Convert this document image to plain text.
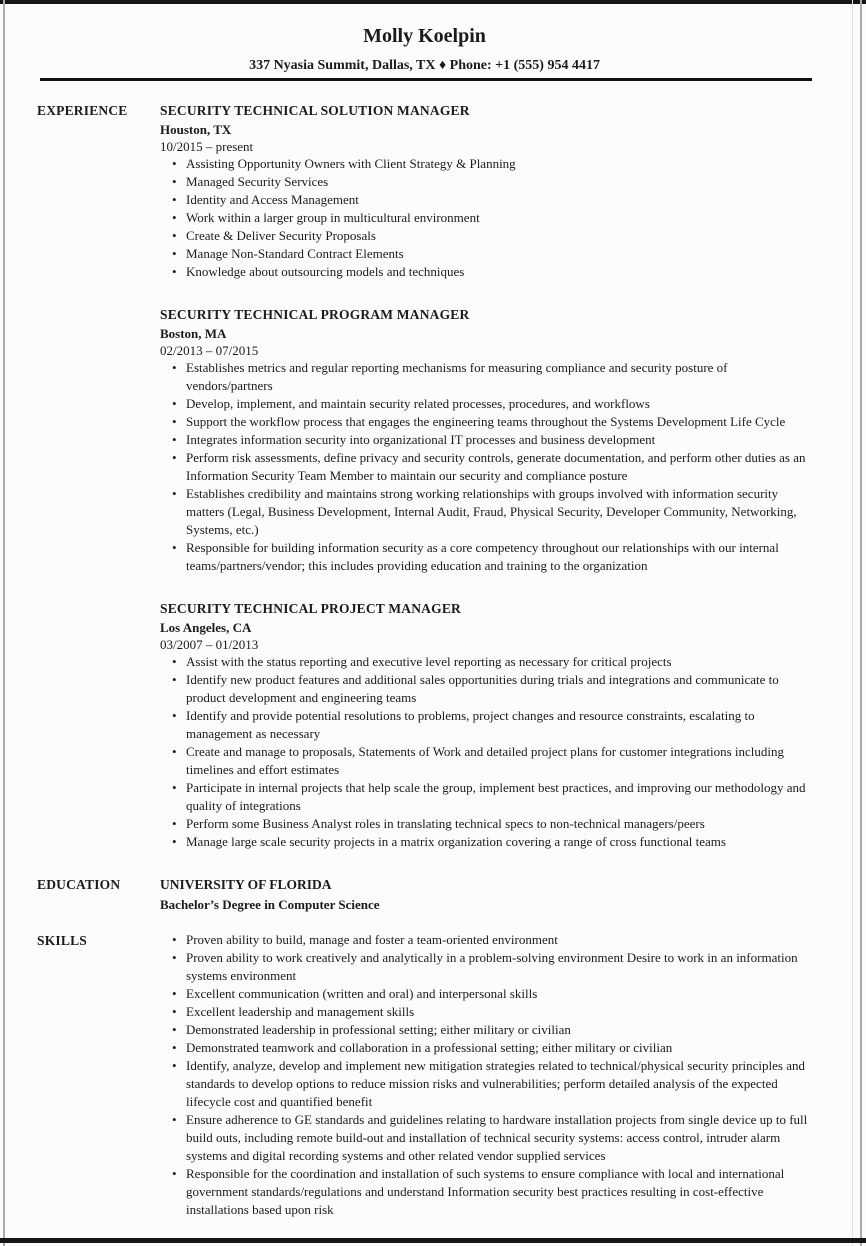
Molly Koelpin
337 Nyasia Summit, Dallas, TX ♦ Phone: +1 (555) 954 4417
EXPERIENCE	SECURITY TECHNICAL SOLUTION MANAGER
Houston, TX
10/2015 – present
• Assisting Opportunity Owners with Client Strategy & Planning
• Managed Security Services
• Identity and Access Management
• Work within a larger group in multicultural environment
• Create & Deliver Security Proposals
• Manage Non-Standard Contract Elements
• Knowledge about outsourcing models and techniques
SECURITY TECHNICAL PROGRAM MANAGER
Boston, MA
02/2013 – 07/2015
• Establishes metrics and regular reporting mechanisms for measuring compliance and security posture of vendors/partners
• Develop, implement, and maintain security related processes, procedures, and workflows
• Support the workflow process that engages the engineering teams throughout the Systems Development Life Cycle
• Integrates information security into organizational IT processes and business development
• Perform risk assessments, define privacy and security controls, generate documentation, and perform other duties as an Information Security Team Member to maintain our security and compliance posture
• Establishes credibility and maintains strong working relationships with groups involved with information security matters (Legal, Business Development, Internal Audit, Fraud, Physical Security, Developer Community, Networking, Systems, etc.)
• Responsible for building information security as a core competency throughout our relationships with our internal teams/partners/vendor; this includes providing education and training to the organization
SECURITY TECHNICAL PROJECT MANAGER
Los Angeles, CA
03/2007 – 01/2013
• Assist with the status reporting and executive level reporting as necessary for critical projects
• Identify new product features and additional sales opportunities during trials and integrations and communicate to product development and engineering teams
• Identify and provide potential resolutions to problems, project changes and resource constraints, escalating to management as necessary
• Create and manage to proposals, Statements of Work and detailed project plans for customer integrations including timelines and effort estimates
• Participate in internal projects that help scale the group, implement best practices, and improving our methodology and quality of integrations
• Perform some Business Analyst roles in translating technical specs to non-technical managers/peers
• Manage large scale security projects in a matrix organization covering a range of cross functional teams
EDUCATION	UNIVERSITY OF FLORIDA
Bachelor’s Degree in Computer Science
SKILLS	• Proven ability to build, manage and foster a team-oriented environment
• Proven ability to work creatively and analytically in a problem-solving environment Desire to work in an information systems environment
• Excellent communication (written and oral) and interpersonal skills
• Excellent leadership and management skills
• Demonstrated leadership in professional setting; either military or civilian
• Demonstrated teamwork and collaboration in a professional setting; either military or civilian
• Identify, analyze, develop and implement new mitigation strategies related to technical/physical security principles and standards to develop options to reduce mission risks and vulnerabilities; perform detailed analysis of the expected lifecycle cost and quantified benefit
• Ensure adherence to GE standards and guidelines relating to hardware installation projects from single device up to full build outs, including remote build-out and installation of technical security systems: access control, intruder alarm systems and digital recording systems and other related vendor supplied services
• Responsible for the coordination and installation of such systems to ensure compliance with local and international government standards/regulations and understand Information security best practices resulting in cost-effective installations based upon risk
